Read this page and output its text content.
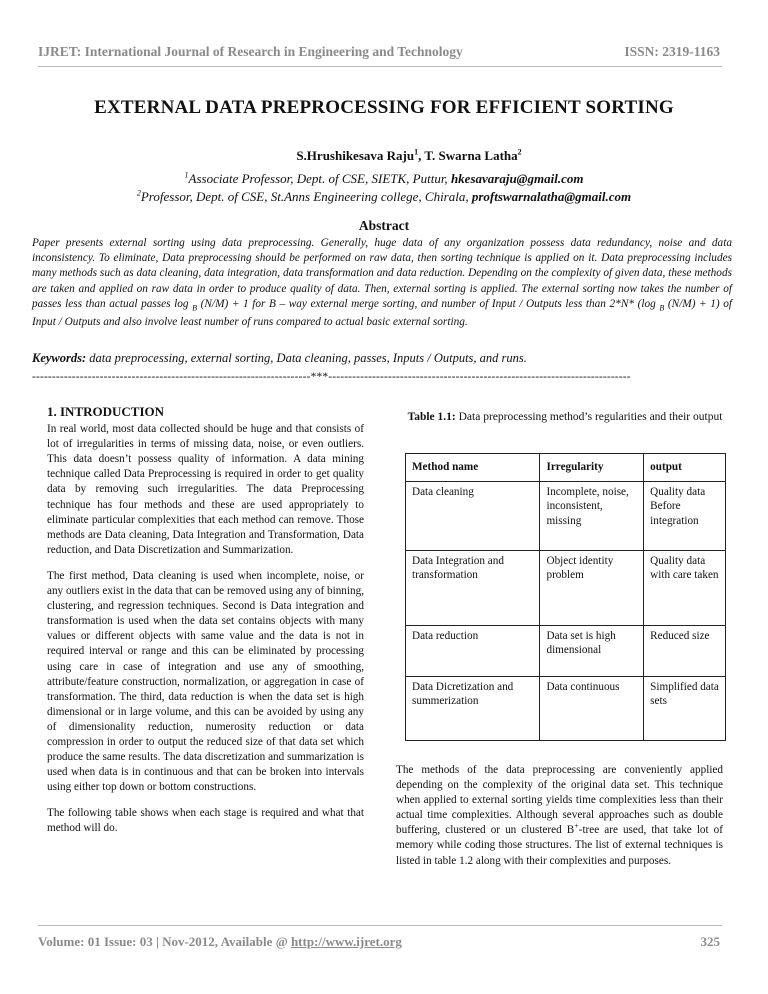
IJRET: International Journal of Research in Engineering and Technology	ISSN: 2319-1163
EXTERNAL DATA PREPROCESSING FOR EFFICIENT SORTING
S.Hrushikesava Raju$^1$, T. Swarna Latha$^2$
$^1$Associate Professor, Dept. of CSE, SIETK, Puttur, hkesavaraju@gmail.com
$^2$Professor, Dept. of CSE, St.Anns Engineering college, Chirala, proftswarnalatha@gmail.com
Abstract
Paper presents external sorting using data preprocessing. Generally, huge data of any organization possess data redundancy, noise and data inconsistency. To eliminate, Data preprocessing should be performed on raw data, then sorting technique is applied on it. Data preprocessing includes many methods such as data cleaning, data integration, data transformation and data reduction. Depending on the complexity of given data, these methods are taken and applied on raw data in order to produce quality of data. Then, external sorting is applied. The external sorting now takes the number of passes less than actual passes log $_B$ (N/M) + 1 for B – way external merge sorting, and number of Input / Outputs less than 2*N* (log $_B$ (N/M) + 1) of Input / Outputs and also involve least number of runs compared to actual basic external sorting.
Keywords: data preprocessing, external sorting, Data cleaning, passes, Inputs / Outputs, and runs.
----------------------------------------------------------------------***----------------------------------------------------------------------------
1. INTRODUCTION

In real world, most data collected should be huge and that consists of lot of irregularities in terms of missing data, noise, or even outliers. This data doesn’t possess quality of information. A data mining technique called Data Preprocessing is required in order to get quality data by removing such irregularities. The data Preprocessing technique has four methods and these are used appropriately to eliminate particular complexities that each method can remove. Those methods are Data cleaning, Data Integration and Transformation, Data reduction, and Data Discretization and Summarization.

The first method, Data cleaning is used when incomplete, noise, or any outliers exist in the data that can be removed using any of binning, clustering, and regression techniques. Second is Data integration and transformation is used when the data set contains objects with many values or different objects with same value and the data is not in required interval or range and this can be eliminated by processing using care in case of integration and use any of smoothing, attribute/feature construction, normalization, or aggregation in case of transformation. The third, data reduction is when the data set is high dimensional or in large volume, and this can be avoided by using any of dimensionality reduction, numerosity reduction or data compression in order to output the reduced size of that data set which produce the same results. The data discretization and summarization is used when data is in continuous and that can be broken into intervals using either top down or bottom constructions.

The following table shows when each stage is required and what that method will do.

Table 1.1: Data preprocessing method’s regularities and their output
Method name	Irregularity	output
Data cleaning	Incomplete, noise, inconsistent, missing	Quality data Before integration
Data Integration and transformation	Object identity problem	Quality data with care taken
Data reduction	Data set is high dimensional	Reduced size
Data Dicretization and summerization	Data continuous	Simplified data sets
The methods of the data preprocessing are conveniently applied depending on the complexity of the original data set. This technique when applied to external sorting yields time complexities less than their actual time complexities. Although several approaches such as double buffering, clustered or un clustered B+-tree are used, that take lot of memory while coding those structures. The list of external techniques is listed in table 1.2 along with their complexities and purposes.
Volume: 01 Issue: 03 | Nov-2012, Available @ http://www.ijret.org	325
